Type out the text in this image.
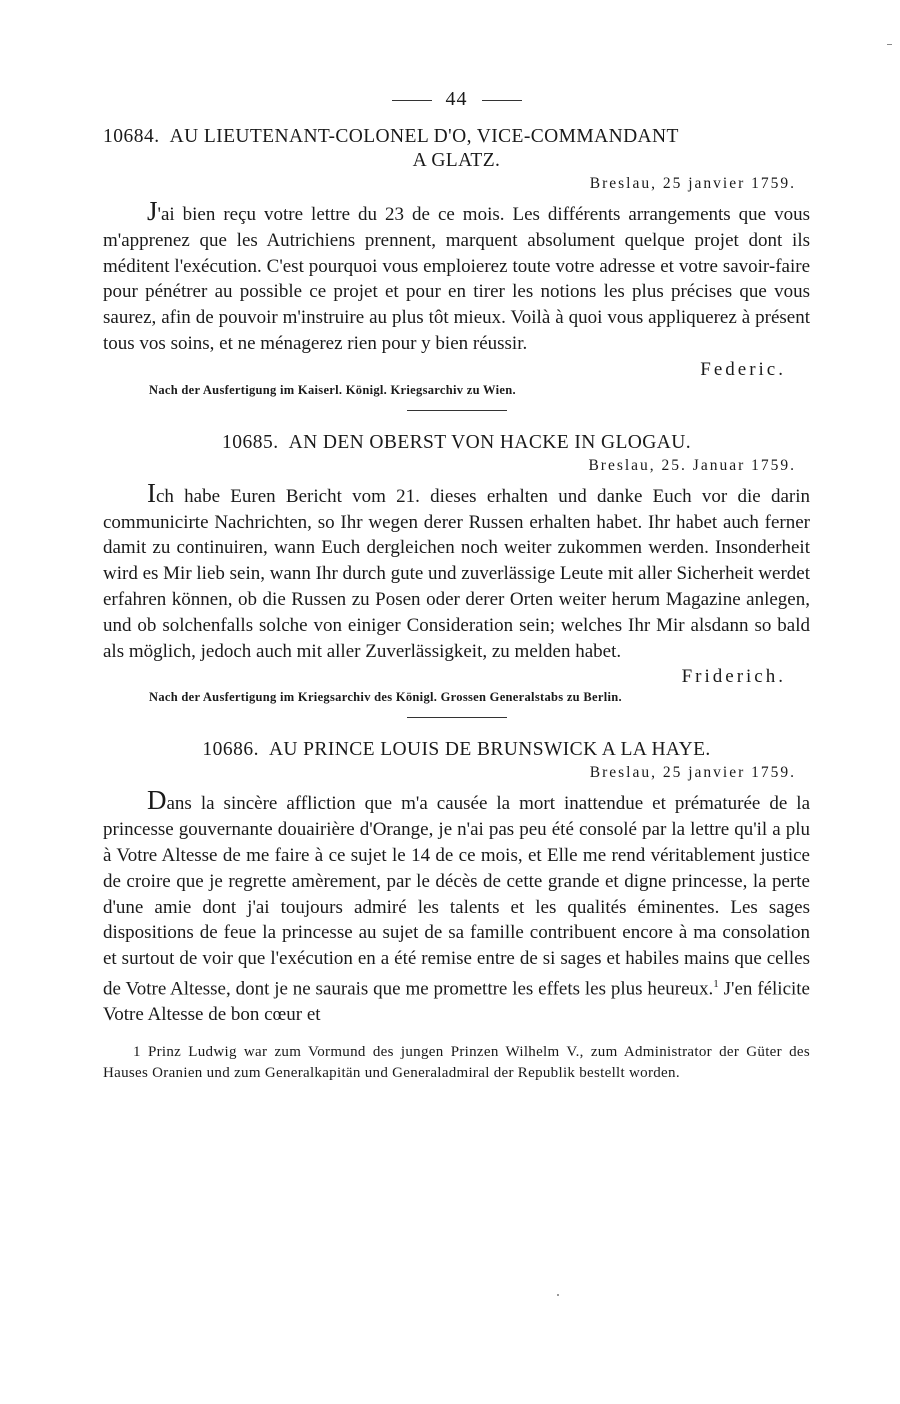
44
10684. AU LIEUTENANT-COLONEL D'O, VICE-COMMANDANT
A GLATZ.
Breslau, 25 janvier 1759.

J'ai bien reçu votre lettre du 23 de ce mois. Les différents arrangements que vous m'apprenez que les Autrichiens prennent, marquent absolument quelque projet dont ils méditent l'exécution. C'est pourquoi vous emploierez toute votre adresse et votre savoir-faire pour pénétrer au possible ce projet et pour en tirer les notions les plus précises que vous saurez, afin de pouvoir m'instruire au plus tôt mieux. Voilà à quoi vous appliquerez à présent tous vos soins, et ne ménagerez rien pour y bien réussir.

Federic.
Nach der Ausfertigung im Kaiserl. Königl. Kriegsarchiv zu Wien.
10685. AN DEN OBERST VON HACKE IN GLOGAU.
Breslau, 25. Januar 1759.

Ich habe Euren Bericht vom 21. dieses erhalten und danke Euch vor die darin communicirte Nachrichten, so Ihr wegen derer Russen erhalten habet. Ihr habet auch ferner damit zu continuiren, wann Euch dergleichen noch weiter zukommen werden. Insonderheit wird es Mir lieb sein, wann Ihr durch gute und zuverlässige Leute mit aller Sicherheit werdet erfahren können, ob die Russen zu Posen oder derer Orten weiter herum Magazine anlegen, und ob solchenfalls solche von einiger Consideration sein; welches Ihr Mir alsdann so bald als möglich, jedoch auch mit aller Zuverlässigkeit, zu melden habet.

Friderich.
Nach der Ausfertigung im Kriegsarchiv des Königl. Grossen Generalstabs zu Berlin.
10686. AU PRINCE LOUIS DE BRUNSWICK A LA HAYE.
Breslau, 25 janvier 1759.

Dans la sincère affliction que m'a causée la mort inattendue et prématurée de la princesse gouvernante douairière d'Orange, je n'ai pas peu été consolé par la lettre qu'il a plu à Votre Altesse de me faire à ce sujet le 14 de ce mois, et Elle me rend véritablement justice de croire que je regrette amèrement, par le décès de cette grande et digne princesse, la perte d'une amie dont j'ai toujours admiré les talents et les qualités éminentes. Les sages dispositions de feue la princesse au sujet de sa famille contribuent encore à ma consolation et surtout de voir que l'exécution en a été remise entre de si sages et habiles mains que celles de Votre Altesse, dont je ne saurais que me promettre les effets les plus heureux.$^1$ J'en félicite Votre Altesse de bon cœur et

1 Prinz Ludwig war zum Vormund des jungen Prinzen Wilhelm V., zum Administrator der Güter des Hauses Oranien und zum Generalkapitän und Generaladmiral der Republik bestellt worden.
